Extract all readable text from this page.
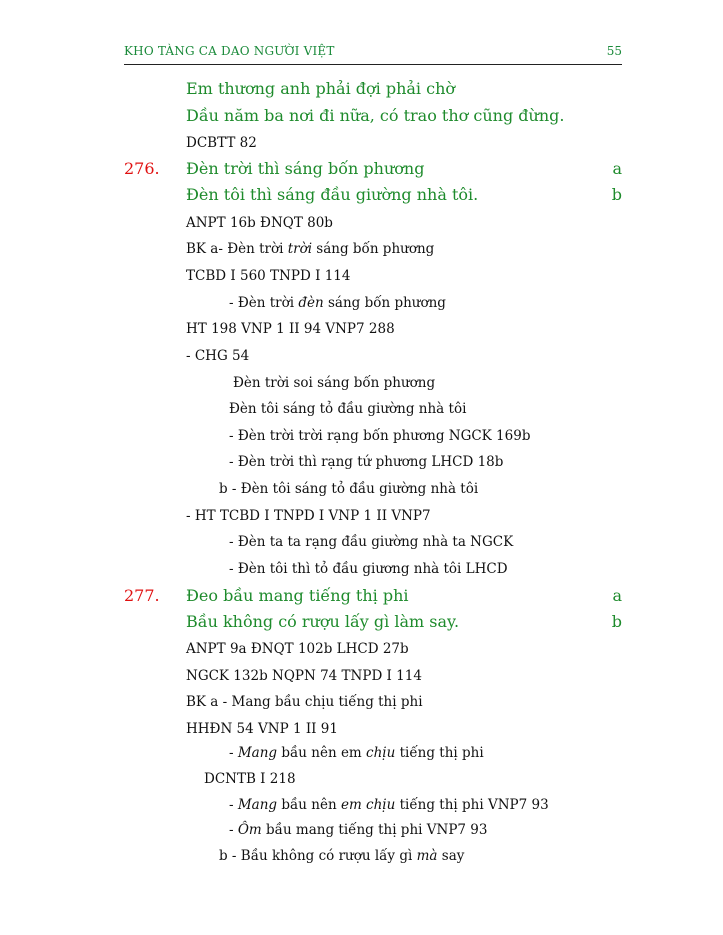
KHO TÀNG CA DAO NGƯỜI VIỆT	55
Em thương anh phải đợi phải chờ
Dầu năm ba nơi đi nữa, có trao thơ cũng đừng.
DCBTT 82
276. Đèn trời thì sáng bốn phương	a
Đèn tôi thì sáng đầu giường nhà tôi.	b
ANPT 16b ĐNQT 80b
BK a- Đèn trời trời sáng bốn phương
TCBD I 560 TNPD I 114
- Đèn trời đèn sáng bốn phương
HT 198 VNP 1 II 94 VNP7 288
- CHG 54
Đèn trời soi sáng bốn phương
Đèn tôi sáng tỏ đầu giường nhà tôi
- Đèn trời trời rạng bốn phương NGCK 169b
- Đèn trời thì rạng tứ phương LHCD 18b
b - Đèn tôi sáng tỏ đầu giường nhà tôi
- HT TCBD I TNPD I VNP 1 II VNP7
- Đèn ta ta rạng đầu giường nhà ta NGCK
- Đèn tôi thì tỏ đầu giương nhà tôi LHCD
277. Đeo bầu mang tiếng thị phi	a
Bầu không có rượu lấy gì làm say.	b
ANPT 9a ĐNQT 102b LHCD 27b
NGCK 132b NQPN 74 TNPD I 114
BK a - Mang bầu chịu tiếng thị phi
HHĐN 54 VNP 1 II 91
- Mang bầu nên em chịu tiếng thị phi
DCNTB I 218
- Mang bầu nên em chịu tiếng thị phi VNP7 93
- Ôm bầu mang tiếng thị phi VNP7 93
b - Bầu không có rượu lấy gì mà say
